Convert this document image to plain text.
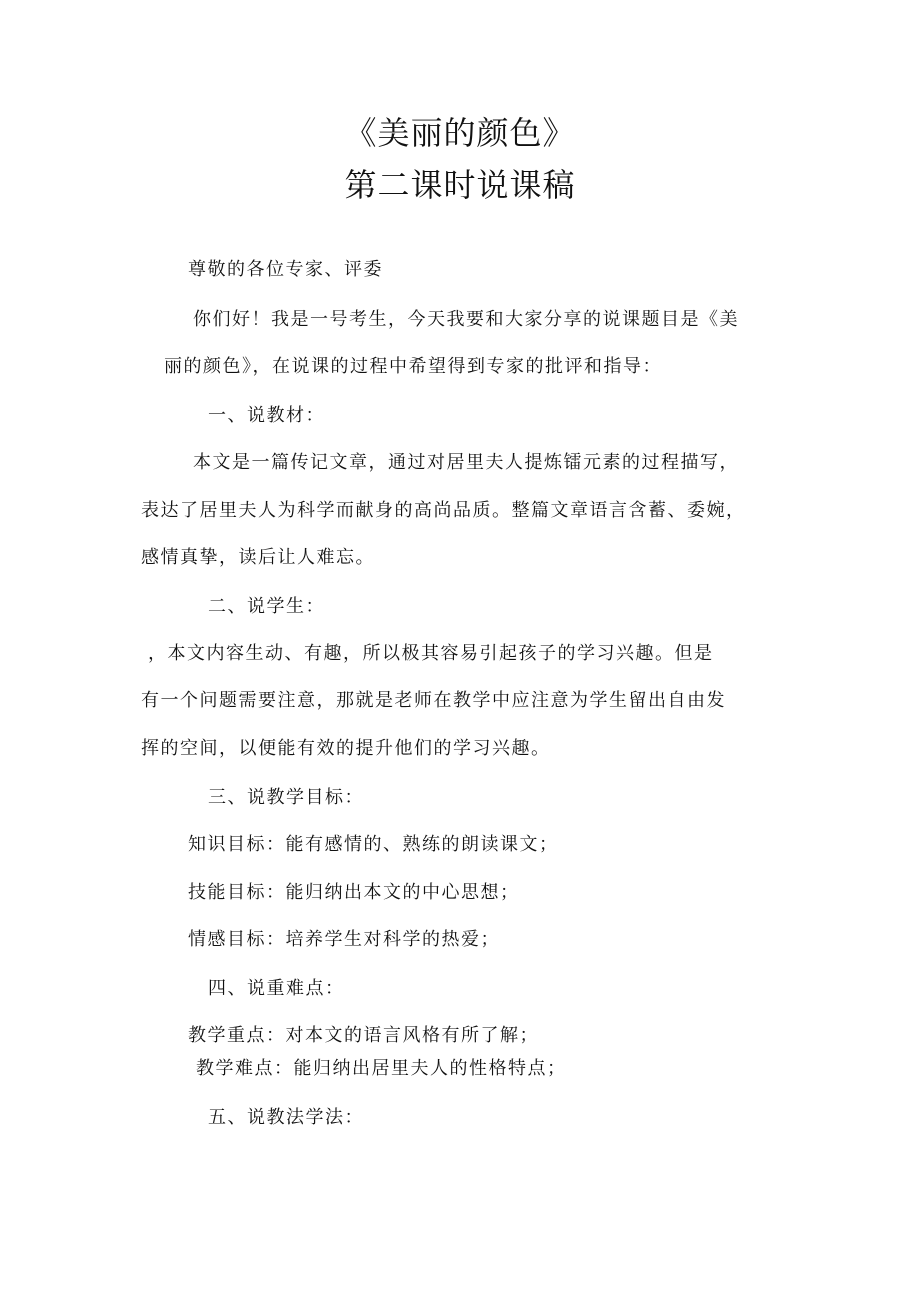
《美丽的颜色》
第二课时说课稿
尊敬的各位专家、评委
你们好！我是一号考生，今天我要和大家分享的说课题目是《美
丽的颜色》，在说课的过程中希望得到专家的批评和指导：
一、说教材：
本文是一篇传记文章，通过对居里夫人提炼镭元素的过程描写，
表达了居里夫人为科学而献身的高尚品质。整篇文章语言含蓄、委婉，
感情真挚，读后让人难忘。
二、说学生：
，本文内容生动、有趣，所以极其容易引起孩子的学习兴趣。但是
有一个问题需要注意，那就是老师在教学中应注意为学生留出自由发
挥的空间，以便能有效的提升他们的学习兴趣。
三、说教学目标：
知识目标：能有感情的、熟练的朗读课文；
技能目标：能归纳出本文的中心思想；
情感目标：培养学生对科学的热爱；
四、说重难点：
教学重点：对本文的语言风格有所了解；
教学难点：能归纳出居里夫人的性格特点；
五、说教法学法：
